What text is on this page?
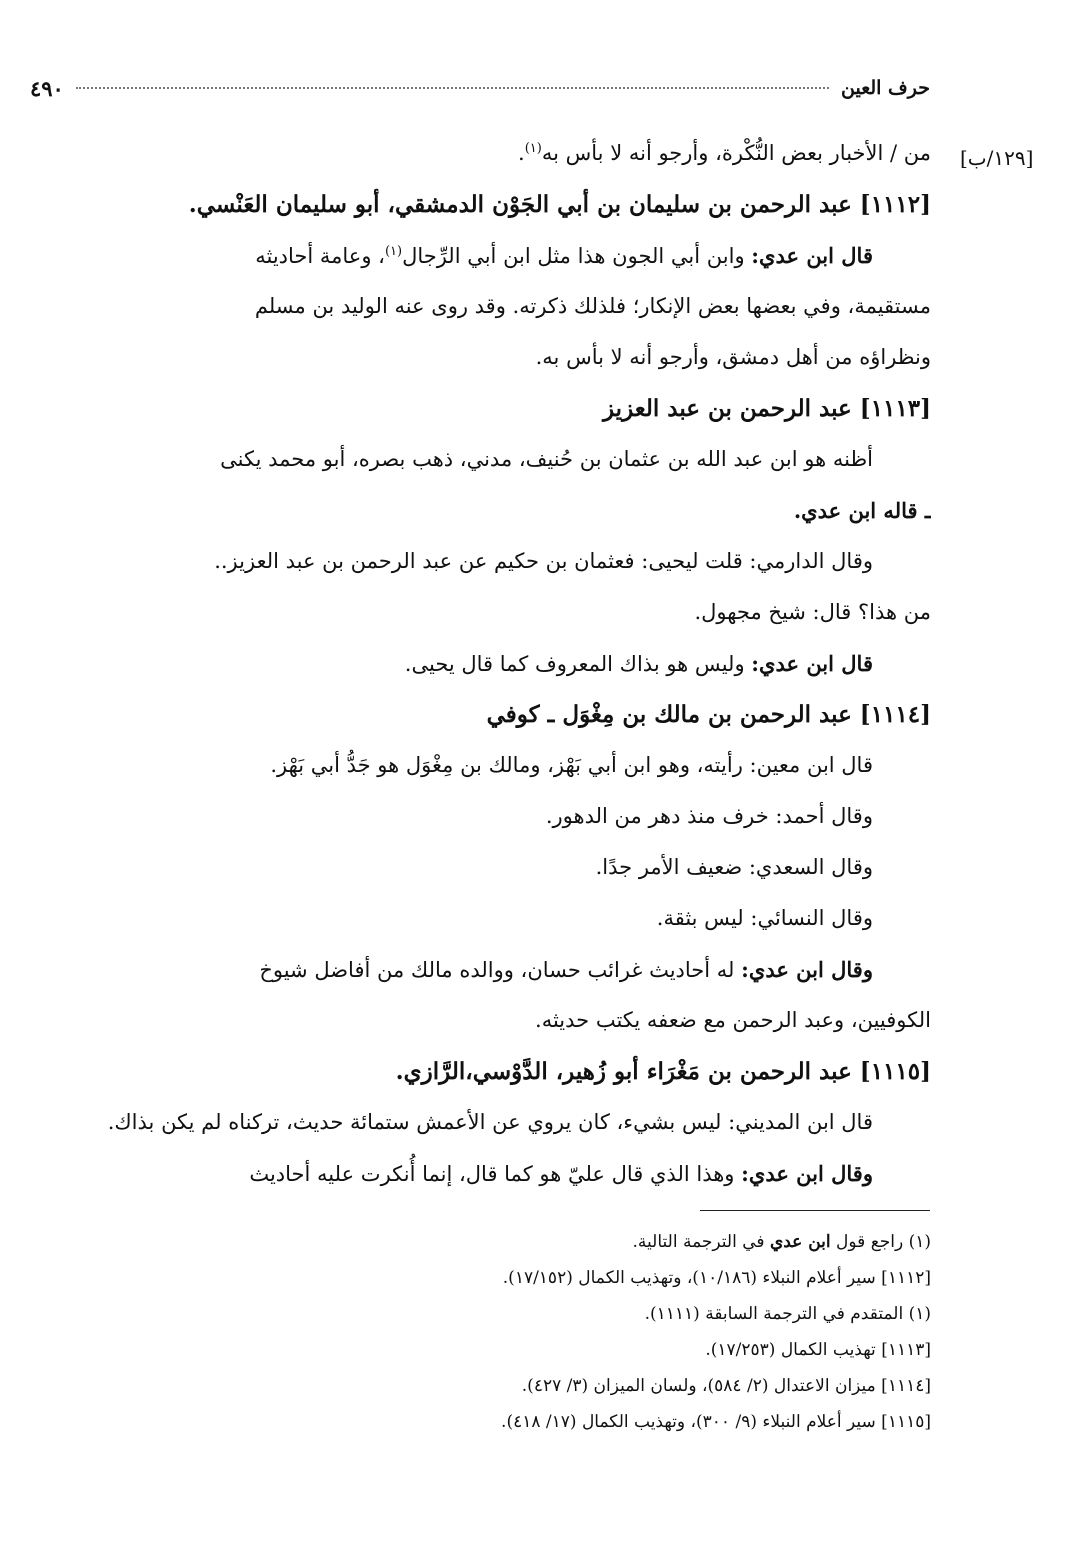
حرف العين
٤٩٠
[١٢٩/ب]
من / الأخبار بعض النُّكْرة، وأرجو أنه لا بأس به$^{(١)}$.
[١١١٢] عبد الرحمن بن سليمان بن أبي الجَوْن الدمشقي، أبو سليمان العَنْسي.
قال ابن عدي: وابن أبي الجون هذا مثل ابن أبي الرِّجال$^{(١)}$، وعامة أحاديثه
مستقيمة، وفي بعضها بعض الإنكار؛ فلذلك ذكرته. وقد روى عنه الوليد بن مسلم
ونظراؤه من أهل دمشق، وأرجو أنه لا بأس به.
[١١١٣] عبد الرحمن بن عبد العزيز
أظنه هو ابن عبد الله بن عثمان بن حُنيف، مدني، ذهب بصره، أبو محمد يكنى
ـ قاله ابن عدي.
وقال الدارمي: قلت ليحيى: فعثمان بن حكيم عن عبد الرحمن بن عبد العزيز..
من هذا؟ قال: شيخ مجهول.
قال ابن عدي: وليس هو بذاك المعروف كما قال يحيى.
[١١١٤] عبد الرحمن بن مالك بن مِغْوَل ـ كوفي
قال ابن معين: رأيته، وهو ابن أبي بَهْز، ومالك بن مِغْوَل هو جَدُّ أبي بَهْز.
وقال أحمد: خرف منذ دهر من الدهور.
وقال السعدي: ضعيف الأمر جدًا.
وقال النسائي: ليس بثقة.
وقال ابن عدي: له أحاديث غرائب حسان، ووالده مالك من أفاضل شيوخ
الكوفيين، وعبد الرحمن مع ضعفه يكتب حديثه.
[١١١٥] عبد الرحمن بن مَغْرَاء أبو زُهير، الدَّوْسي،الرَّازي.
قال ابن المديني: ليس بشيء، كان يروي عن الأعمش ستمائة حديث، تركناه لم يكن بذاك.
وقال ابن عدي: وهذا الذي قال عليّ هو كما قال، إنما أُنكرت عليه أحاديث
(١) راجع قول ابن عدي في الترجمة التالية.
[١١١٢] سير أعلام النبلاء (١٠/١٨٦)، وتهذيب الكمال (١٧/١٥٢).
(١) المتقدم في الترجمة السابقة (١١١١).
[١١١٣] تهذيب الكمال (١٧/٢٥٣).
[١١١٤] ميزان الاعتدال (٢/ ٥٨٤)، ولسان الميزان (٣/ ٤٢٧).
[١١١٥] سير أعلام النبلاء (٩/ ٣٠٠)، وتهذيب الكمال (١٧/ ٤١٨).
